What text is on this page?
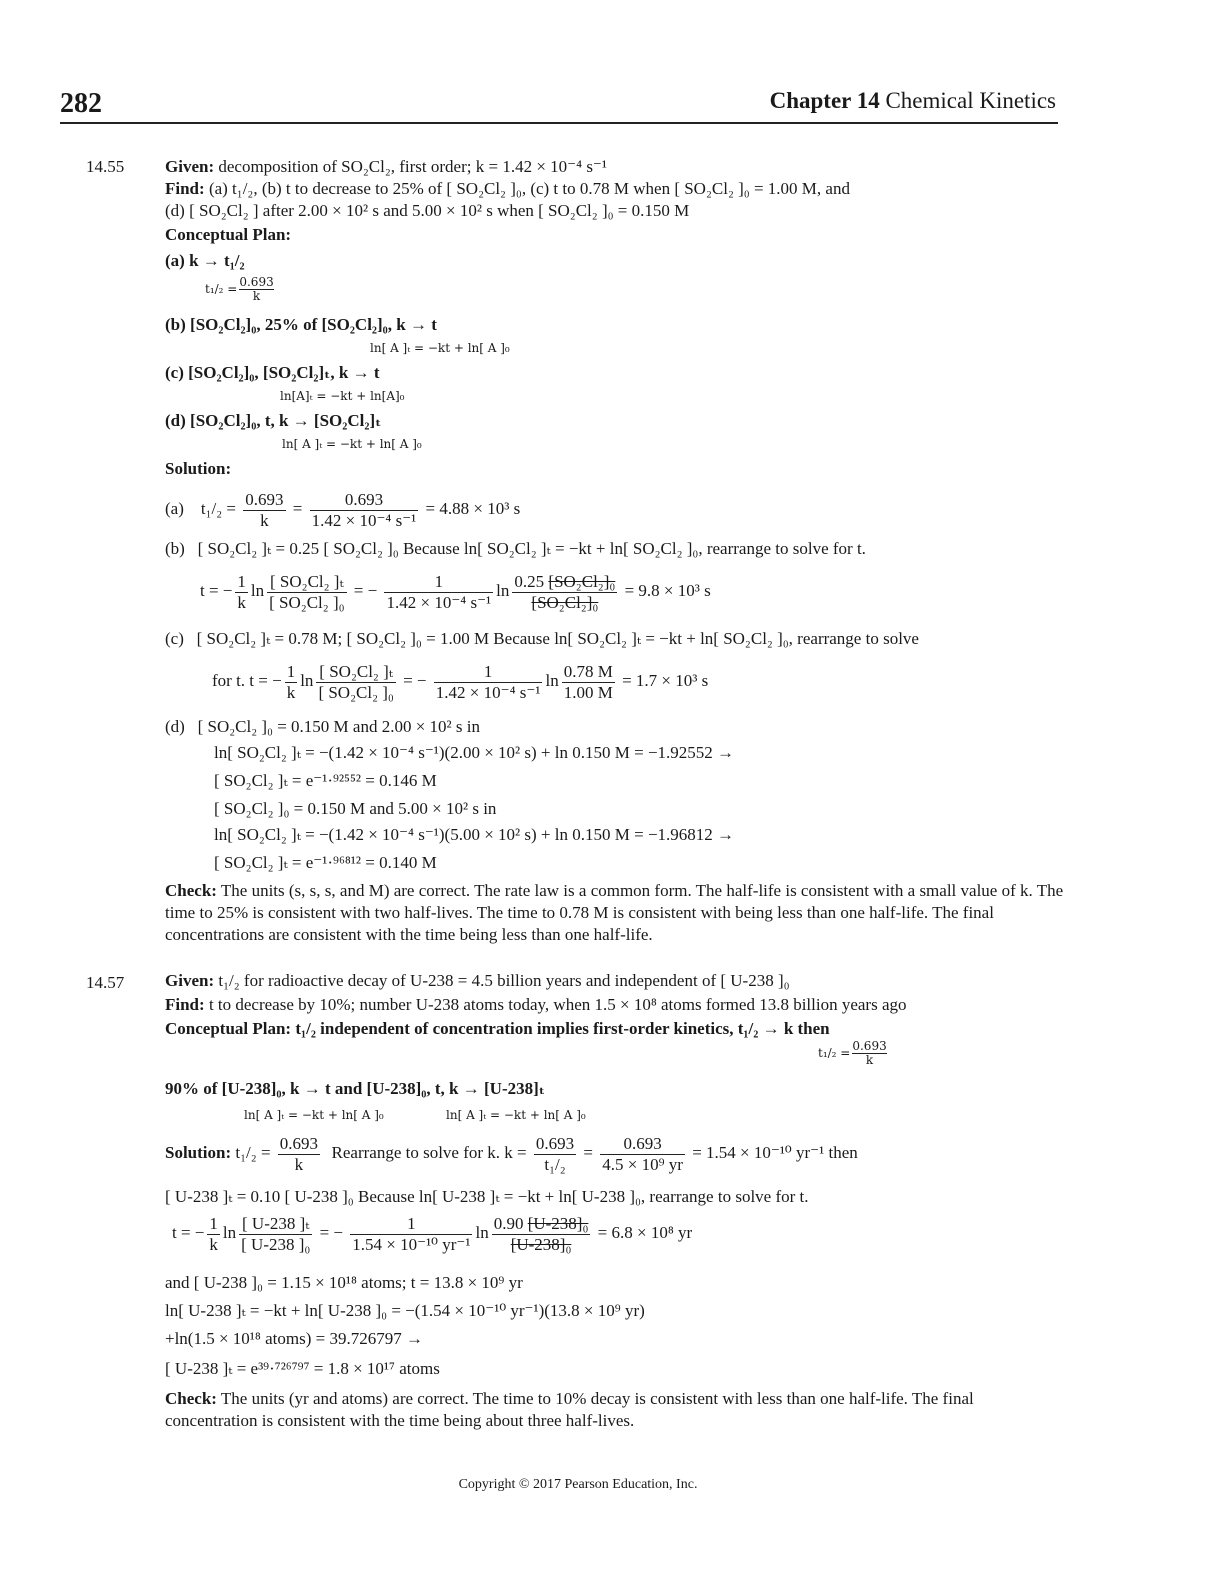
282	Chapter 14 Chemical Kinetics
14.55 Given: decomposition of SO₂Cl₂, first order; k = 1.42 × 10⁻⁴ s⁻¹
Find: (a) t₁/₂, (b) t to decrease to 25% of [ SO₂Cl₂ ]₀, (c) t to 0.78 M when [ SO₂Cl₂ ]₀ = 1.00 M, and
(d) [ SO₂Cl₂ ] after 2.00 × 10² s and 5.00 × 10² s when [ SO₂Cl₂ ]₀ = 0.150 M
Conceptual Plan:
(a) k → t₁/₂
$t_1/_2 = \frac{0.693}{k}$
(b) [SO₂Cl₂]₀, 25% of [SO₂Cl₂]₀, k → t
ln[ A ]ₜ = −kt + ln[ A ]₀
(c) [SO₂Cl₂]₀, [SO₂Cl₂]ₜ, k → t
ln[A]ₜ = −kt + ln[A]₀
(d) [SO₂Cl₂]₀, t, k → [SO₂Cl₂]ₜ
ln[ A ]ₜ = −kt + ln[ A ]₀
Solution:
(a) $t_1/_2 = \frac{0.693}{k} = \frac{0.693}{\text{1.42 × 10⁻⁴ s⁻¹}} = 4.88 \times 10^3$ s
(b) [ SO₂Cl₂ ]ₜ = 0.25 [ SO₂Cl₂ ]₀ Because ln[ SO₂Cl₂ ]ₜ = −kt + ln[ SO₂Cl₂ ]₀, rearrange to solve for t.
t = − $\frac{1}{k}$ $\ln \frac{\text{[ SO₂Cl₂ ]ₜ}}{\text{[ SO₂Cl₂ ]₀}}$ = − $\frac{1}{\text{1.42 × 10⁻⁴ s⁻¹}}$ $\ln \frac{\text{0.25 [SO₂Cl₂]₀}}{\text{[SO₂Cl₂]₀}} = 9.8 \times 10^3$ s
(c) [ SO₂Cl₂ ]ₜ = 0.78 M; [ SO₂Cl₂ ]₀ = 1.00 M Because ln[ SO₂Cl₂ ]ₜ = −kt + ln[ SO₂Cl₂ ]₀, rearrange to solve
for t. t = − $\frac{1}{k}$ $\ln \frac{\text{[ SO₂Cl₂ ]ₜ}}{\text{[ SO₂Cl₂ ]₀}}$ = − $\frac{1}{\text{1.42 × 10⁻⁴ s⁻¹}}$ $\ln \frac{0.78 M}{1.00 M} = 1.7 \times 10^3$ s
(d) [ SO₂Cl₂ ]₀ = 0.150 M and 2.00 × 10² s in
ln[ SO₂Cl₂ ]ₜ = −(1.42 × 10⁻⁴ s⁻¹)(2.00 × 10² s) + ln 0.150 M = −1.92552 →
[ SO₂Cl₂ ]ₜ = e⁻¹·⁹²⁵⁵² = 0.146 M
[ SO₂Cl₂ ]₀ = 0.150 M and 5.00 × 10² s in
ln[ SO₂Cl₂ ]ₜ = −(1.42 × 10⁻⁴ s⁻¹)(5.00 × 10² s) + ln 0.150 M = −1.96812 →
[ SO₂Cl₂ ]ₜ = e⁻¹·⁹⁶⁸¹² = 0.140 M
Check: The units (s, s, s, and M) are correct. The rate law is a common form. The half-life is consistent with a small value of k. The time to 25% is consistent with two half-lives. The time to 0.78 M is consistent with being less than one half-life. The final concentrations are consistent with the time being less than one half-life.
14.57 Given: t₁/₂ for radioactive decay of U-238 = 4.5 billion years and independent of [ U-238 ]₀
Find: t to decrease by 10%; number U-238 atoms today, when 1.5 × 10⁸ atoms formed 13.8 billion years ago
Conceptual Plan: t₁/₂ independent of concentration implies first-order kinetics, t₁/₂ → k then
$t_1/_2 = \frac{0.693}{k}$
90% of [U-238]₀, k → t and [U-238]₀, t, k → [U-238]ₜ
ln[ A ]ₜ = −kt + ln[ A ]₀	ln[ A ]ₜ = −kt + ln[ A ]₀
Solution: $t_1/_2 = \frac{0.693}{k}$ Rearrange to solve for k. $k = \frac{0.693}{\text{t₁/₂}} = \frac{0.693}{\text{4.5 × 10⁹ yr}} = 1.54 \times 10^{-10}$ yr⁻¹ then
[ U-238 ]ₜ = 0.10 [ U-238 ]₀ Because ln[ U-238 ]ₜ = −kt + ln[ U-238 ]₀, rearrange to solve for t.
t = − $\frac{1}{k}$ $\ln \frac{\text{[ U-238 ]ₜ}}{\text{[ U-238 ]₀}}$ = − $\frac{1}{\text{1.54 × 10⁻¹⁰ yr⁻¹}}$ $\ln \frac{\text{0.90 [U-238]₀}}{\text{[U-238]₀}} = 6.8 \times 10^8$ yr
and [ U-238 ]₀ = 1.15 × 10¹⁸ atoms; t = 13.8 × 10⁹ yr
ln[ U-238 ]ₜ = −kt + ln[ U-238 ]₀ = −(1.54 × 10⁻¹⁰ yr⁻¹)(13.8 × 10⁹ yr)
+ln(1.5 × 10¹⁸ atoms) = 39.726797 →
[ U-238 ]ₜ = e³⁹·⁷²⁶⁷⁹⁷ = 1.8 × 10¹⁷ atoms
Check: The units (yr and atoms) are correct. The time to 10% decay is consistent with less than one half-life. The final concentration is consistent with the time being about three half-lives.
Copyright © 2017 Pearson Education, Inc.
